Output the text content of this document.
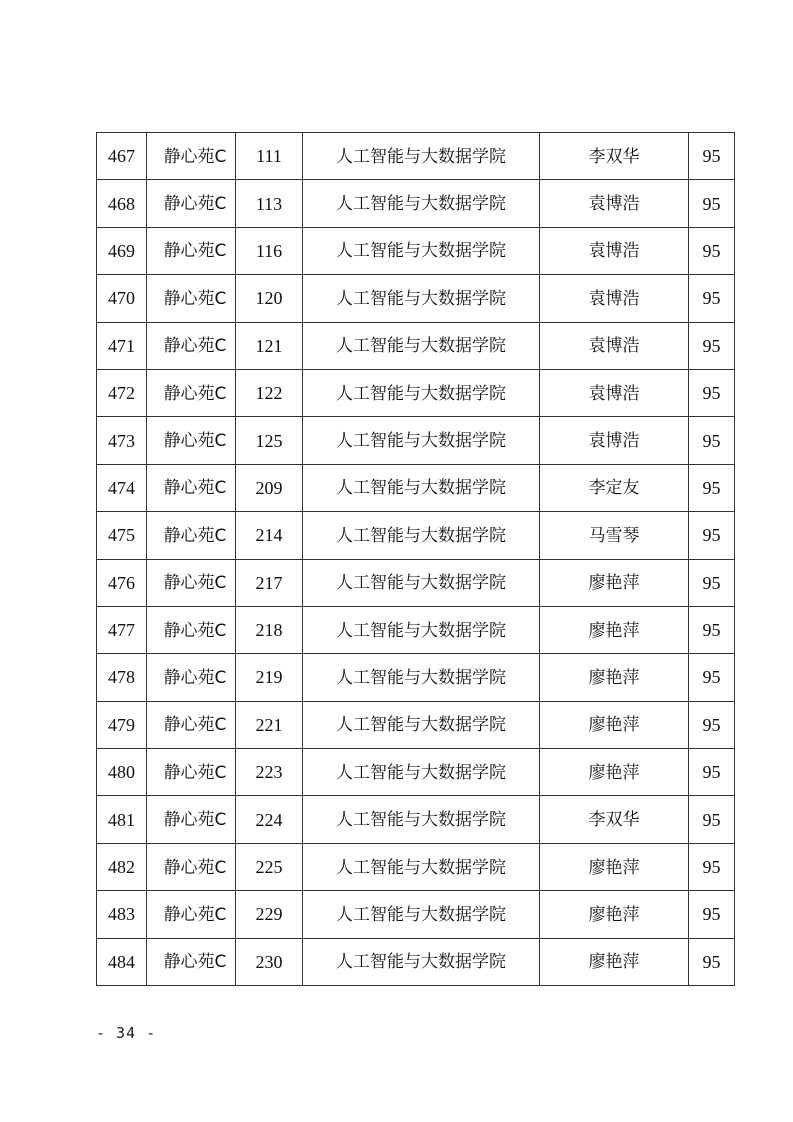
467	静心苑C	111	人工智能与大数据学院	李双华	95
468	静心苑C	113	人工智能与大数据学院	袁博浩	95
469	静心苑C	116	人工智能与大数据学院	袁博浩	95
470	静心苑C	120	人工智能与大数据学院	袁博浩	95
471	静心苑C	121	人工智能与大数据学院	袁博浩	95
472	静心苑C	122	人工智能与大数据学院	袁博浩	95
473	静心苑C	125	人工智能与大数据学院	袁博浩	95
474	静心苑C	209	人工智能与大数据学院	李定友	95
475	静心苑C	214	人工智能与大数据学院	马雪琴	95
476	静心苑C	217	人工智能与大数据学院	廖艳萍	95
477	静心苑C	218	人工智能与大数据学院	廖艳萍	95
478	静心苑C	219	人工智能与大数据学院	廖艳萍	95
479	静心苑C	221	人工智能与大数据学院	廖艳萍	95
480	静心苑C	223	人工智能与大数据学院	廖艳萍	95
481	静心苑C	224	人工智能与大数据学院	李双华	95
482	静心苑C	225	人工智能与大数据学院	廖艳萍	95
483	静心苑C	229	人工智能与大数据学院	廖艳萍	95
484	静心苑C	230	人工智能与大数据学院	廖艳萍	95
- 34 -
